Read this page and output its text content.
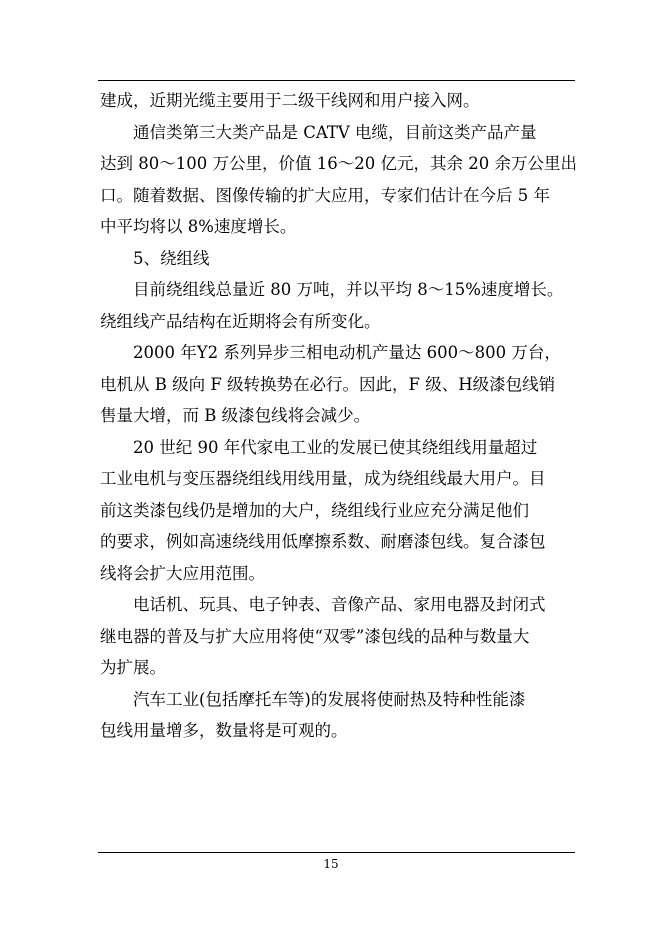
建成，近期光缆主要用于二级干线网和用户接入网。
通信类第三大类产品是 CATV 电缆，目前这类产品产量
达到 80～100 万公里，价值 16～20 亿元，其余 20 余万公里出
口。随着数据、图像传输的扩大应用，专家们估计在今后 5 年
中平均将以 8%速度增长。
5、绕组线
目前绕组线总量近 80 万吨，并以平均 8～15%速度增长。
绕组线产品结构在近期将会有所变化。
2000 年Y2 系列异步三相电动机产量达 600～800 万台，
电机从 B 级向 F 级转换势在必行。因此，F 级、H级漆包线销
售量大增，而 B 级漆包线将会减少。
20 世纪 90 年代家电工业的发展已使其绕组线用量超过
工业电机与变压器绕组线用线用量，成为绕组线最大用户。目
前这类漆包线仍是增加的大户，绕组线行业应充分满足他们
的要求，例如高速绕线用低摩擦系数、耐磨漆包线。复合漆包
线将会扩大应用范围。
电话机、玩具、电子钟表、音像产品、家用电器及封闭式
继电器的普及与扩大应用将使“双零”漆包线的品种与数量大
为扩展。
汽车工业(包括摩托车等)的发展将使耐热及特种性能漆
包线用量增多，数量将是可观的。
15
